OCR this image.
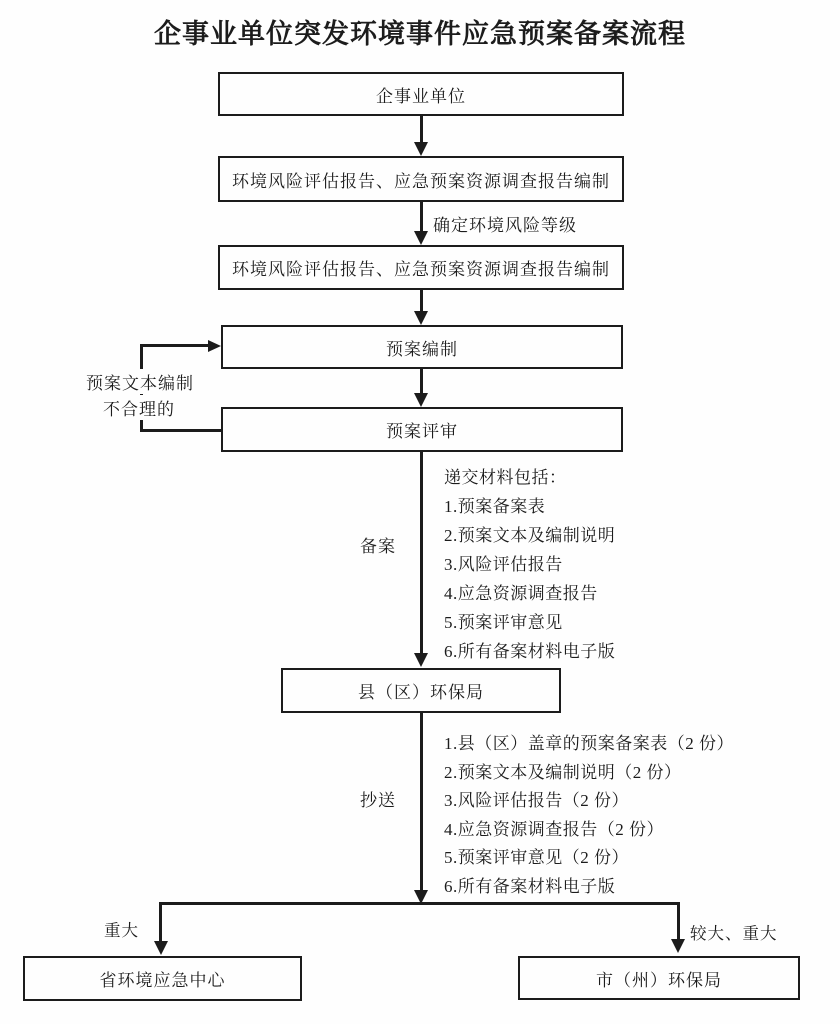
企事业单位突发环境事件应急预案备案流程
企事业单位
环境风险评估报告、应急预案资源调查报告编制
确定环境风险等级
环境风险评估报告、应急预案资源调查报告编制
预案编制
预案评审
预案文本编制
不合理的
备案
递交材料包括：
1.预案备案表
2.预案文本及编制说明
3.风险评估报告
4.应急资源调查报告
5.预案评审意见
6.所有备案材料电子版
县（区）环保局
抄送
1.县（区）盖章的预案备案表（2 份）
2.预案文本及编制说明（2 份）
3.风险评估报告（2 份）
4.应急资源调查报告（2 份）
5.预案评审意见（2 份）
6.所有备案材料电子版
重大	较大、重大
省环境应急中心	市（州）环保局
